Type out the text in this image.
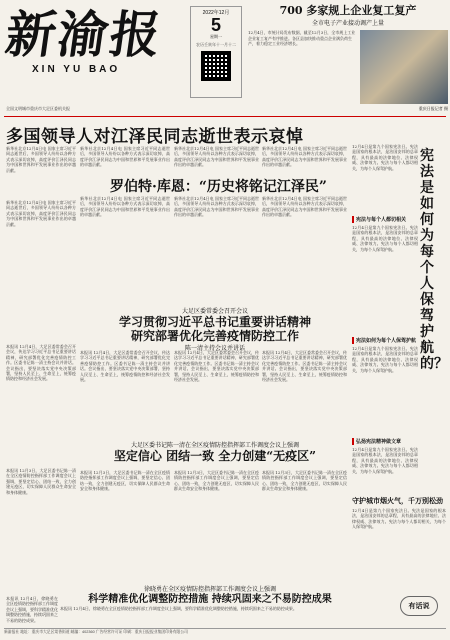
新渝报
XIN YU BAO
全国文明城市重庆市大足区委机关报
2022年12月
5
星期一
农历壬寅年十一月十二
700 多家规上企业复工复产
全市电子产业接动调产上量
12月4日，市统计局发布数据，截至12月3日，全市规上工业企业复工复产有序推进。各区县加快推动重点企业满负荷生产，着力稳定工业经济增长。
重庆日报记者 摄
多国领导人对江泽民同志逝世表示哀悼
新华社北京12月4日电 国家主席习近平同志逝世后，多国领导人纷纷以各种方式表示深切哀悼，高度评价江泽民同志为中国和世界和平发展事业作出的卓越贡献。
新华社北京12月4日电 国家主席习近平同志逝世后，多国领导人纷纷以各种方式表示深切哀悼，高度评价江泽民同志为中国和世界和平发展事业作出的卓越贡献。
新华社北京12月4日电 国家主席习近平同志逝世后，多国领导人纷纷以各种方式表示深切哀悼，高度评价江泽民同志为中国和世界和平发展事业作出的卓越贡献。
新华社北京12月4日电 国家主席习近平同志逝世后，多国领导人纷纷以各种方式表示深切哀悼，高度评价江泽民同志为中国和世界和平发展事业作出的卓越贡献。
罗伯特·库恩：“历史将铭记江泽民”
新华社北京12月4日电 国家主席习近平同志逝世后，多国领导人纷纷以各种方式表示深切哀悼，高度评价江泽民同志为中国和世界和平发展事业作出的卓越贡献。
新华社北京12月4日电 国家主席习近平同志逝世后，多国领导人纷纷以各种方式表示深切哀悼，高度评价江泽民同志为中国和世界和平发展事业作出的卓越贡献。
新华社北京12月4日电 国家主席习近平同志逝世后，多国领导人纷纷以各种方式表示深切哀悼，高度评价江泽民同志为中国和世界和平发展事业作出的卓越贡献。
新华社北京12月4日电 国家主席习近平同志逝世后，多国领导人纷纷以各种方式表示深切哀悼，高度评价江泽民同志为中国和世界和平发展事业作出的卓越贡献。
大足区委常委会召开会议
学习贯彻习近平总书记重要讲话精神
研究部署优化完善疫情防控工作
陈一清主持会议并讲话
本报讯 12月4日，大足区委常委会召开会议，传达学习习近平总书记重要讲话精神，研究部署优化完善疫情防控工作。区委书记陈一清主持会议并讲话。会议指出，要坚决落实党中央决策部署，坚持人民至上、生命至上，统筹疫情防控和经济社会发展。
本报讯 12月4日，大足区委常委会召开会议，传达学习习近平总书记重要讲话精神，研究部署优化完善疫情防控工作。区委书记陈一清主持会议并讲话。会议指出，要坚决落实党中央决策部署，坚持人民至上、生命至上，统筹疫情防控和经济社会发展。
本报讯 12月4日，大足区委常委会召开会议，传达学习习近平总书记重要讲话精神，研究部署优化完善疫情防控工作。区委书记陈一清主持会议并讲话。会议指出，要坚决落实党中央决策部署，坚持人民至上、生命至上，统筹疫情防控和经济社会发展。
本报讯 12月4日，大足区委常委会召开会议，传达学习习近平总书记重要讲话精神，研究部署优化完善疫情防控工作。区委书记陈一清主持会议并讲话。会议指出，要坚决落实党中央决策部署，坚持人民至上、生命至上，统筹疫情防控和经济社会发展。
大足区委书记陈一清在全区疫情防控指挥部工作调度会议上强调
坚定信心 团结一致 全力创建“无疫区”
本报讯 12月3日，大足区委书记陈一清在全区疫情防控指挥部工作调度会议上强调，要坚定信心、团结一致，全力创建无疫区，切实保障人民群众生命安全和身体健康。
本报讯 12月3日，大足区委书记陈一清在全区疫情防控指挥部工作调度会议上强调，要坚定信心、团结一致，全力创建无疫区，切实保障人民群众生命安全和身体健康。
本报讯 12月3日，大足区委书记陈一清在全区疫情防控指挥部工作调度会议上强调，要坚定信心、团结一致，全力创建无疫区，切实保障人民群众生命安全和身体健康。
本报讯 12月3日，大足区委书记陈一清在全区疫情防控指挥部工作调度会议上强调，要坚定信心、团结一致，全力创建无疫区，切实保障人民群众生命安全和身体健康。
徐晓勇在全区疫情防控指挥部工作调度会议上强调
科学精准优化调整防控措施 持续巩固来之不易防控成果
本报讯 12月4日，徐晓勇在全区疫情防控指挥部工作调度会议上强调，要科学精准优化调整防控措施，持续巩固来之不易的防控成果。
本报讯 12月4日，徐晓勇在全区疫情防控指挥部工作调度会议上强调，要科学精准优化调整防控措施，持续巩固来之不易的防控成果。
宪法是如何为每个人保驾护航的？
12月4日是第九个国家宪法日。宪法是国家的根本法，是治国安邦的总章程，具有最高的法律地位、法律权威、法律效力。宪法与每个人都切相关，为每个人保驾护航。
宪法与每个人都切相关
12月4日是第九个国家宪法日。宪法是国家的根本法，是治国安邦的总章程，具有最高的法律地位、法律权威、法律效力。宪法与每个人都切相关，为每个人保驾护航。
宪法如何为每个人保驾护航
12月4日是第九个国家宪法日。宪法是国家的根本法，是治国安邦的总章程，具有最高的法律地位、法律权威、法律效力。宪法与每个人都切相关，为每个人保驾护航。
弘扬宪法精神做文章
12月4日是第九个国家宪法日。宪法是国家的根本法，是治国安邦的总章程，具有最高的法律地位、法律权威、法律效力。宪法与每个人都切相关，为每个人保驾护航。
守护城市烟火气，千万别松劲
12月4日是第九个国家宪法日。宪法是国家的根本法，是治国安邦的总章程，具有最高的法律地位、法律权威、法律效力。宪法与每个人都切相关，为每个人保驾护航。
有话说
新渝报社 地址：重庆市大足区棠香街道 邮编：402360 广告经营许可证 印刷：重庆日报报业集团印务有限公司
